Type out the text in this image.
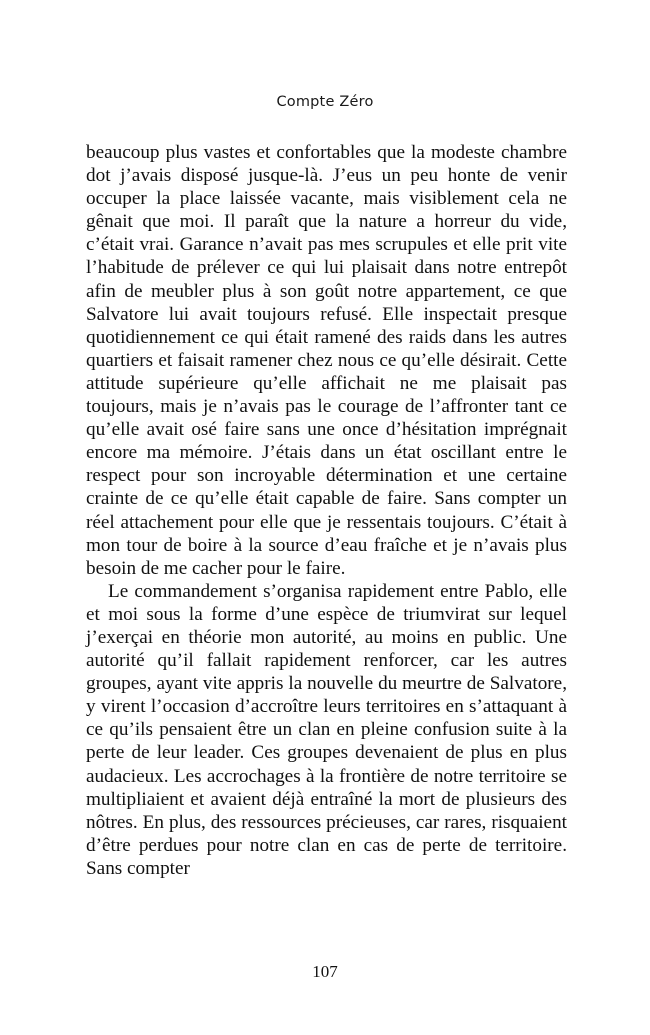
Compte Zéro

beaucoup plus vastes et confortables que la modeste chambre dot j’avais disposé jusque-là. J’eus un peu honte de venir occuper la place laissée vacante, mais visiblement cela ne gênait que moi. Il paraît que la nature a horreur du vide, c’était vrai. Garance n’avait pas mes scrupules et elle prit vite l’habitude de prélever ce qui lui plaisait dans notre entrepôt afin de meubler plus à son goût notre appartement, ce que Salvatore lui avait toujours refusé. Elle inspectait presque quotidiennement ce qui était ramené des raids dans les autres quartiers et faisait ramener chez nous ce qu’elle désirait. Cette attitude supérieure qu’elle affichait ne me plaisait pas toujours, mais je n’avais pas le courage de l’affronter tant ce qu’elle avait osé faire sans une once d’hésitation imprégnait encore ma mémoire. J’étais dans un état oscillant entre le respect pour son incroyable détermination et une certaine crainte de ce qu’elle était capable de faire. Sans compter un réel attachement pour elle que je ressentais toujours. C’était à mon tour de boire à la source d’eau fraîche et je n’avais plus besoin de me cacher pour le faire.

Le commandement s’organisa rapidement entre Pablo, elle et moi sous la forme d’une espèce de triumvirat sur lequel j’exerçai en théorie mon autorité, au moins en public. Une autorité qu’il fallait rapidement renforcer, car les autres groupes, ayant vite appris la nouvelle du meurtre de Salvatore, y virent l’occasion d’accroître leurs territoires en s’attaquant à ce qu’ils pensaient être un clan en pleine confusion suite à la perte de leur leader. Ces groupes devenaient de plus en plus audacieux. Les accrochages à la frontière de notre territoire se multipliaient et avaient déjà entraîné la mort de plusieurs des nôtres. En plus, des ressources précieuses, car rares, risquaient d’être perdues pour notre clan en cas de perte de territoire. Sans compter

107
